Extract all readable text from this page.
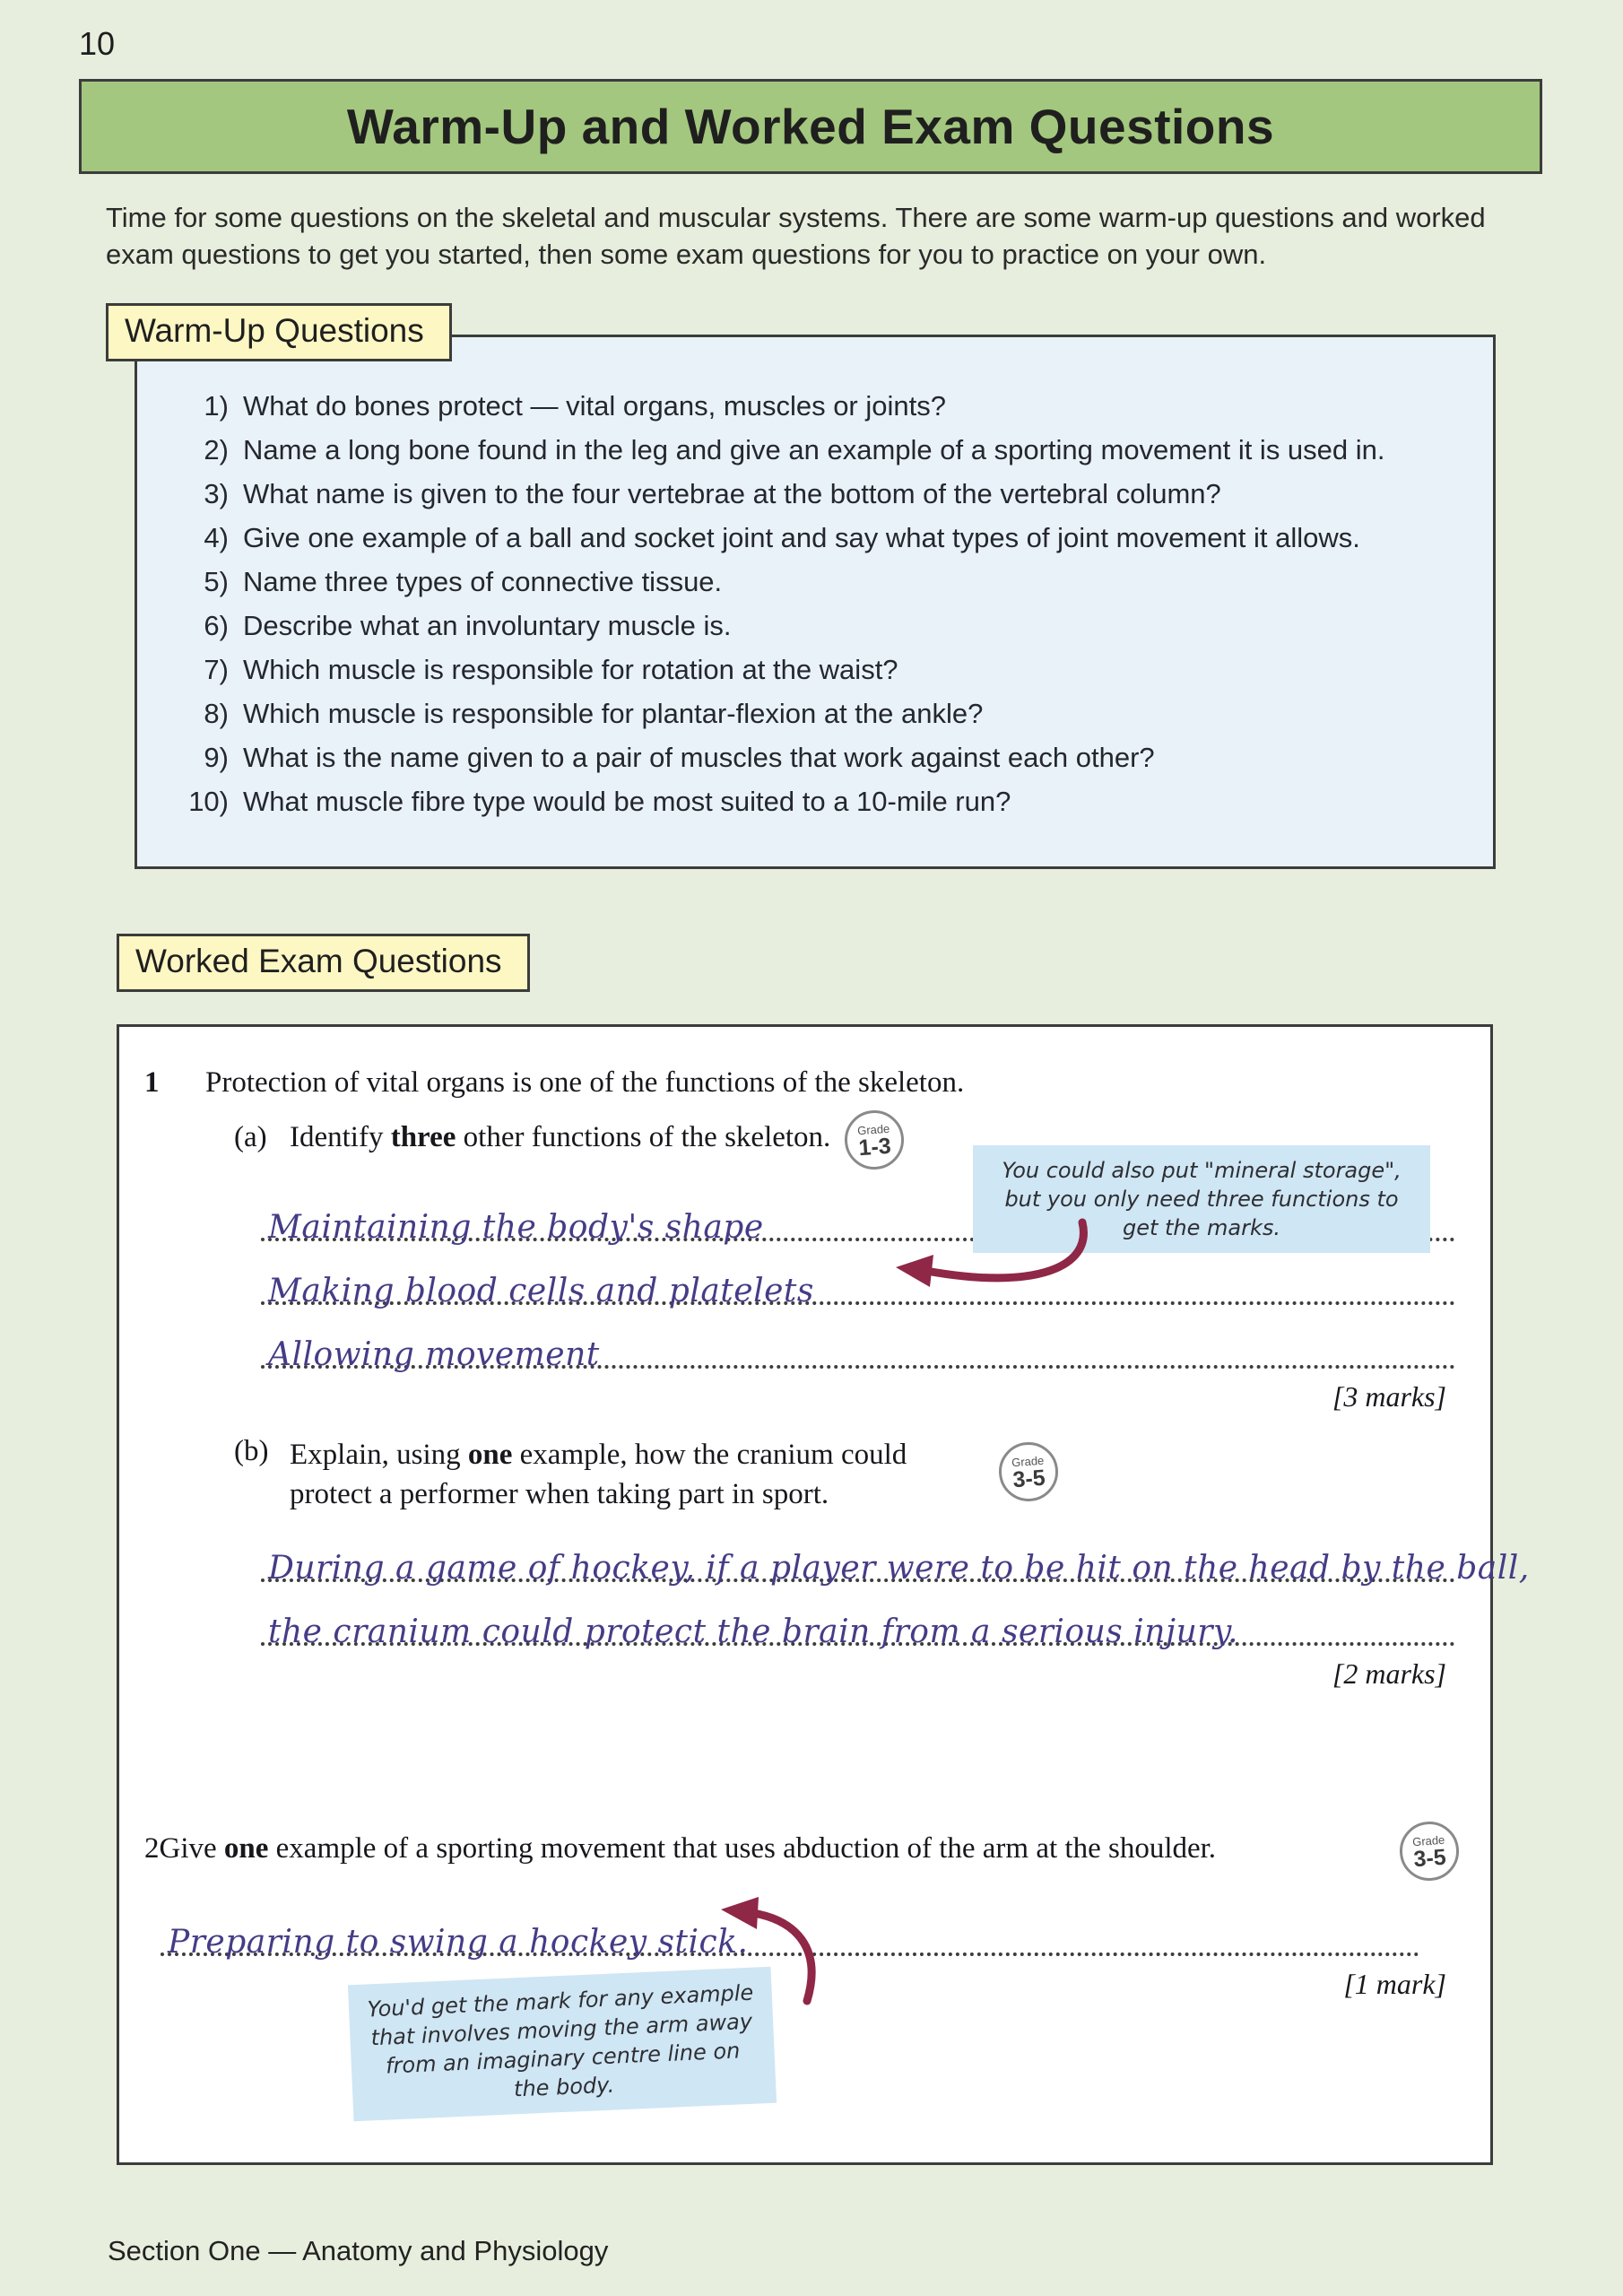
10
Warm-Up and Worked Exam Questions

Time for some questions on the skeletal and muscular systems. There are some warm-up questions and worked exam questions to get you started, then some exam questions for you to practice on your own.

Warm-Up Questions
1) What do bones protect — vital organs, muscles or joints?
2) Name a long bone found in the leg and give an example of a sporting movement it is used in.
3) What name is given to the four vertebrae at the bottom of the vertebral column?
4) Give one example of a ball and socket joint and say what types of joint movement it allows.
5) Name three types of connective tissue.
6) Describe what an involuntary muscle is.
7) Which muscle is responsible for rotation at the waist?
8) Which muscle is responsible for plantar-flexion at the ankle?
9) What is the name given to a pair of muscles that work against each other?
10) What muscle fibre type would be most suited to a 10-mile run?
Worked Exam Questions
1	Protection of vital organs is one of the functions of the skeleton.
(a) Identify three other functions of the skeleton. Grade
1-3
Maintaining the body's shape
Making blood cells and platelets
Allowing movement
[3 marks]
(b) Explain, using one example, how the cranium could protect a performer when taking part in sport.
Grade
3-5
During a game of hockey, if a player were to be hit on the head by the ball,
the cranium could protect the brain from a serious injury.
[2 marks]
2 Give one example of a sporting movement that uses abduction of the arm at the shoulder.	Grade
3-5
Preparing to swing a hockey stick.
[1 mark]
You could also put "mineral storage", but you only need three functions to get the marks.
You'd get the mark for any example that involves moving the arm away from an imaginary centre line on the body.
Section One — Anatomy and Physiology
